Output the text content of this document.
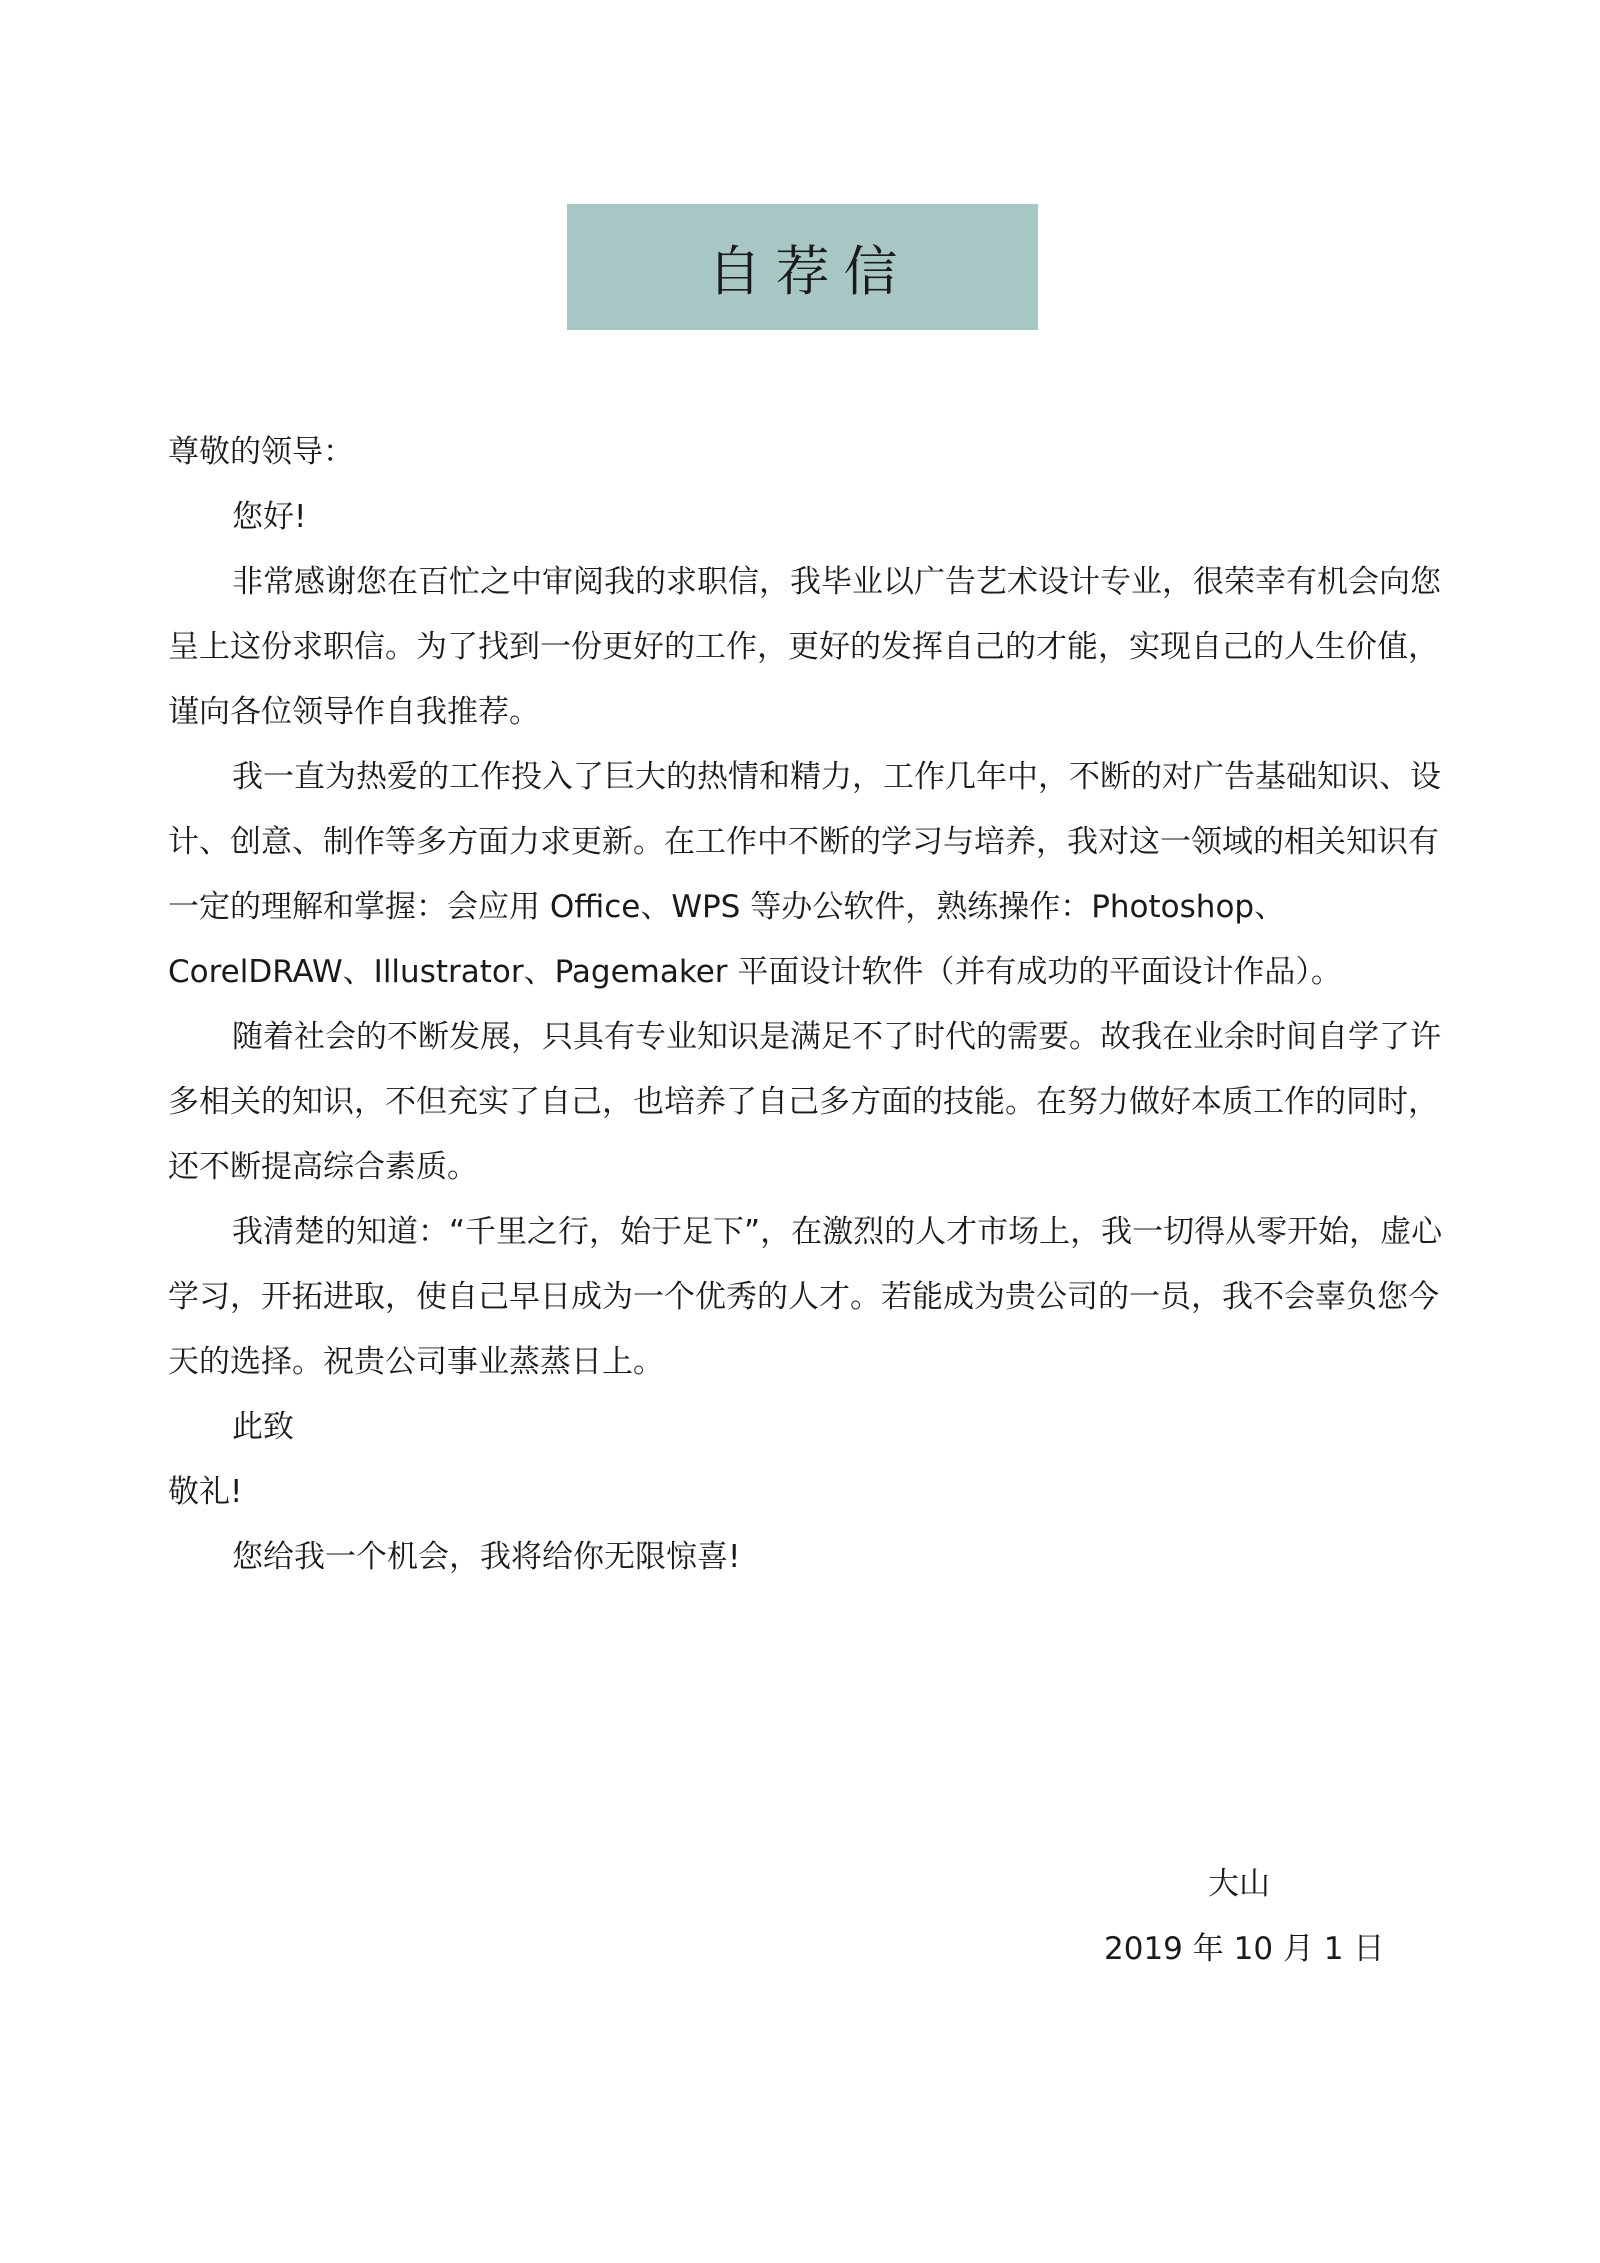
自荐信

尊敬的领导：

您好!

非常感谢您在百忙之中审阅我的求职信，我毕业以广告艺术设计专业，很荣幸有机会向您呈上这份求职信。为了找到一份更好的工作，更好的发挥自己的才能，实现自己的人生价值，谨向各位领导作自我推荐。

我一直为热爱的工作投入了巨大的热情和精力，工作几年中，不断的对广告基础知识、设计、创意、制作等多方面力求更新。在工作中不断的学习与培养，我对这一领域的相关知识有一定的理解和掌握：会应用 Office、WPS 等办公软件，熟练操作：Photoshop、CorelDRAW、Illustrator、Pagemaker 平面设计软件（并有成功的平面设计作品）。

随着社会的不断发展，只具有专业知识是满足不了时代的需要。故我在业余时间自学了许多相关的知识，不但充实了自己，也培养了自己多方面的技能。在努力做好本质工作的同时，还不断提高综合素质。

我清楚的知道：“千里之行，始于足下”，在激烈的人才市场上，我一切得从零开始，虚心学习，开拓进取，使自己早日成为一个优秀的人才。若能成为贵公司的一员，我不会辜负您今天的选择。祝贵公司事业蒸蒸日上。

此致

敬礼!

您给我一个机会，我将给你无限惊喜!

大山
2019 年 10 月 1 日
